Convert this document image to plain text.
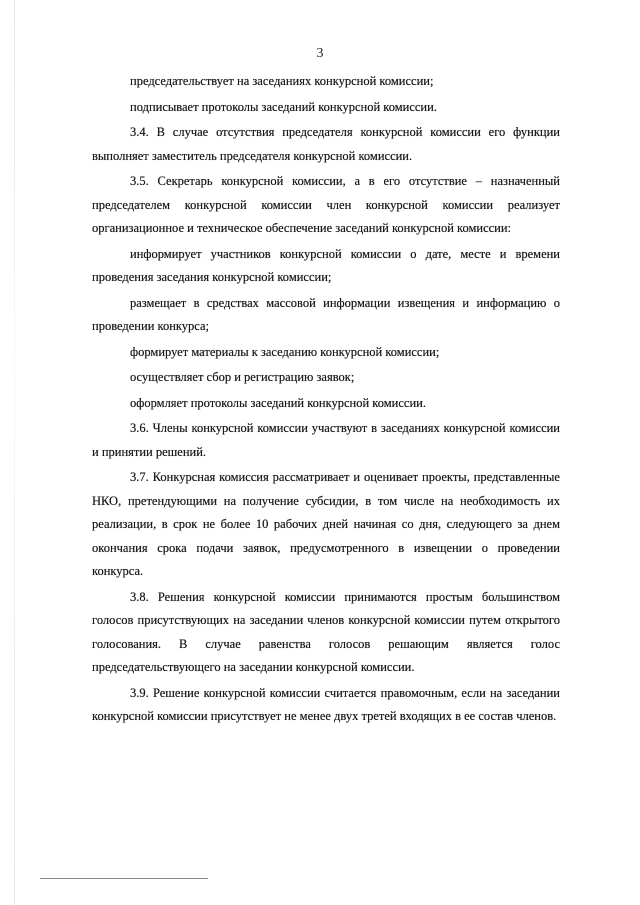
3

председательствует на заседаниях конкурсной комиссии;

подписывает протоколы заседаний конкурсной комиссии.

3.4. В случае отсутствия председателя конкурсной комиссии его функции выполняет заместитель председателя конкурсной комиссии.

3.5. Секретарь конкурсной комиссии, а в его отсутствие – назначенный председателем конкурсной комиссии член конкурсной комиссии реализует организационное и техническое обеспечение заседаний конкурсной комиссии:

информирует участников конкурсной комиссии о дате, месте и времени проведения заседания конкурсной комиссии;

размещает в средствах массовой информации извещения и информацию о проведении конкурса;

формирует материалы к заседанию конкурсной комиссии;

осуществляет сбор и регистрацию заявок;

оформляет протоколы заседаний конкурсной комиссии.

3.6. Члены конкурсной комиссии участвуют в заседаниях конкурсной комиссии и принятии решений.

3.7. Конкурсная комиссия рассматривает и оценивает проекты, представленные НКО, претендующими на получение субсидии, в том числе на необходимость их реализации, в срок не более 10 рабочих дней начиная со дня, следующего за днем окончания срока подачи заявок, предусмотренного в извещении о проведении конкурса.

3.8. Решения конкурсной комиссии принимаются простым большинством голосов присутствующих на заседании членов конкурсной комиссии путем открытого голосования. В случае равенства голосов решающим является голос председательствующего на заседании конкурсной комиссии.

3.9. Решение конкурсной комиссии считается правомочным, если на заседании конкурсной комиссии присутствует не менее двух третей входящих в ее состав членов.
